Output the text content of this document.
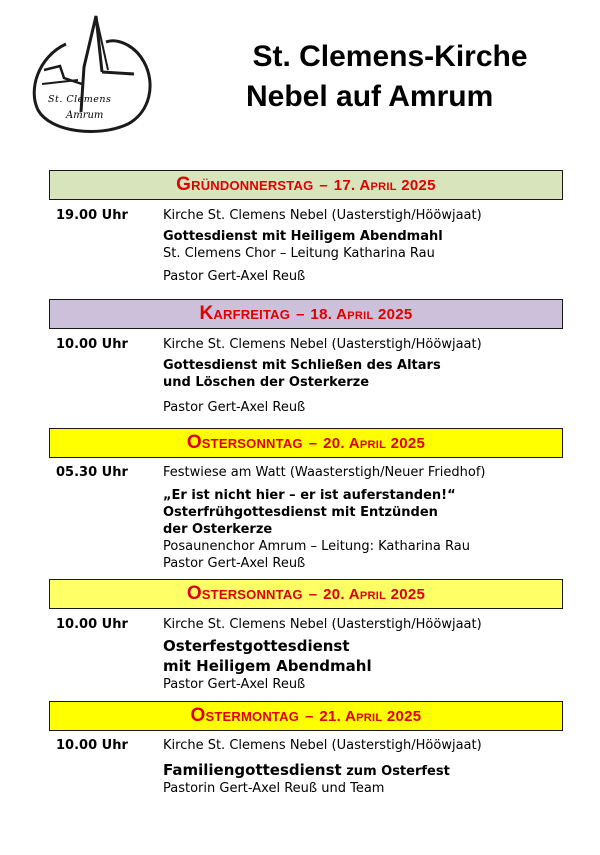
St. Clemens
Amrum
St. Clemens-Kirche
Nebel auf Amrum
Gründonnerstag – 17. April 2025
19.00 Uhr	Kirche St. Clemens Nebel (Uasterstigh/Hööwjaat)
Gottesdienst mit Heiligem Abendmahl
St. Clemens Chor – Leitung Katharina Rau
Pastor Gert-Axel Reuß
Karfreitag – 18. April 2025
10.00 Uhr	Kirche St. Clemens Nebel (Uasterstigh/Hööwjaat)
Gottesdienst mit Schließen des Altars
und Löschen der Osterkerze
Pastor Gert-Axel Reuß
Ostersonntag – 20. April 2025
05.30 Uhr	Festwiese am Watt (Waasterstigh/Neuer Friedhof)
„Er ist nicht hier – er ist auferstanden!“
Osterfrühgottesdienst mit Entzünden
der Osterkerze
Posaunenchor Amrum – Leitung: Katharina Rau
Pastor Gert-Axel Reuß
Ostersonntag – 20. April 2025
10.00 Uhr	Kirche St. Clemens Nebel (Uasterstigh/Hööwjaat)
Osterfestgottesdienst
mit Heiligem Abendmahl
Pastor Gert-Axel Reuß
Ostermontag – 21. April 2025
10.00 Uhr	Kirche St. Clemens Nebel (Uasterstigh/Hööwjaat)
Familiengottesdienst zum Osterfest
Pastorin Gert-Axel Reuß und Team
